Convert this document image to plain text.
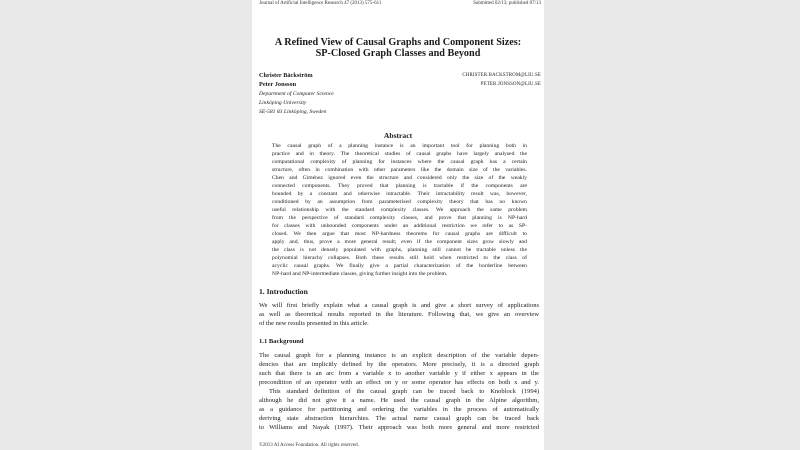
Journal of Artificial Intelligence Research 47 (2013) 575-611	Submitted 02/13; published 07/13
A Refined View of Causal Graphs and Component Sizes:
SP-Closed Graph Classes and Beyond
Christer Bäckström	CHRISTER.BACKSTROM@LIU.SE
Peter Jonsson	PETER.JONSSON@LIU.SE
Department of Computer Science
Linköping University
SE-581 83 Linköping, Sweden
Abstract
The causal graph of a planning instance is an important tool for planning both in
practice and in theory. The theoretical studies of causal graphs have largely analysed the
computational complexity of planning for instances where the causal graph has a certain
structure, often in combination with other parameters like the domain size of the variables.
Chen and Giménez ignored even the structure and considered only the size of the weakly
connected components. They proved that planning is tractable if the components are
bounded by a constant and otherwise intractable. Their intractability result was, however,
conditioned by an assumption from parameterised complexity theory that has no known
useful relationship with the standard complexity classes. We approach the same problem
from the perspective of standard complexity classes, and prove that planning is NP-hard
for classes with unbounded components under an additional restriction we refer to as SP-
closed. We then argue that most NP-hardness theorems for causal graphs are difficult to
apply and, thus, prove a more general result; even if the component sizes grow slowly and
the class is not densely populated with graphs, planning still cannot be tractable unless the
polynomial hierachy collapses. Both these results still hold when restricted to the class of
acyclic causal graphs. We finally give a partial characterization of the borderline between
NP-hard and NP-intermediate classes, giving further insight into the problem.
1. Introduction
We will first briefly explain what a causal graph is and give a short survey of applications
as well as theoretical results reported in the literature. Following that, we give an overview
of the new results presented in this article.
1.1 Background
The causal graph for a planning instance is an explicit description of the variable depen-
dencies that are implicitly defined by the operators. More precisely, it is a directed graph
such that there is an arc from a variable x to another variable y if either x appears in the
precondition of an operator with an effect on y or some operator has effects on both x and y.
This standard definition of the causal graph can be traced back to Knoblock (1994)
although he did not give it a name. He used the causal graph in the Alpine algorithm,
as a guidance for partitioning and ordering the variables in the process of automatically
deriving state abstraction hierarchies. The actual name causal graph can be traced back
to Williams and Nayak (1997). Their approach was both more general and more restricted
©2013 AI Access Foundation. All rights reserved.
